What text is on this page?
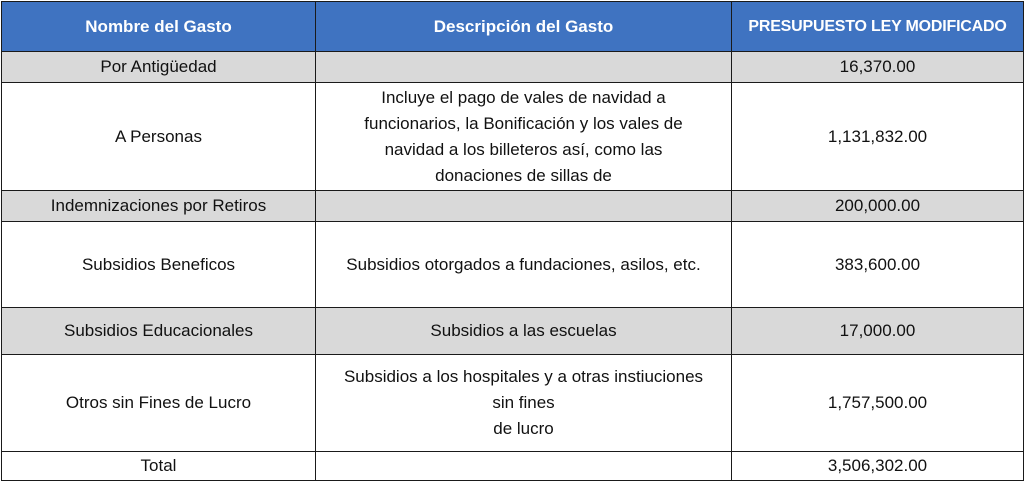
Nombre del Gasto	Descripción del Gasto	PRESUPUESTO LEY MODIFICADO
Por Antigüedad		16,370.00
A Personas	Incluye el pago de vales de navidad a
funcionarios, la Bonificación y los vales de
navidad a los billeteros así, como las
donaciones de sillas de	1,131,832.00
Indemnizaciones por Retiros		200,000.00
Subsidios Beneficos	Subsidios otorgados a fundaciones, asilos, etc.	383,600.00
Subsidios Educacionales	Subsidios a las escuelas	17,000.00
Otros sin Fines de Lucro	Subsidios a los hospitales y a otras instiuciones
sin fines
de lucro	1,757,500.00
Total		3,506,302.00
